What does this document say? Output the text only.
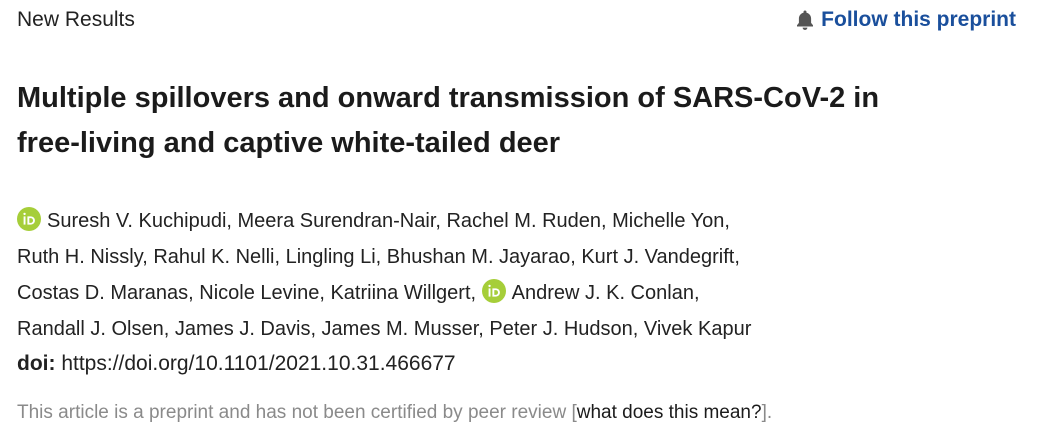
New Results	Follow this preprint
Multiple spillovers and onward transmission of SARS-CoV-2 in
free-living and captive white-tailed deer
Suresh V. Kuchipudi, Meera Surendran-Nair, Rachel M. Ruden, Michelle Yon,
Ruth H. Nissly, Rahul K. Nelli, Lingling Li, Bhushan M. Jayarao, Kurt J. Vandegrift,
Costas D. Maranas, Nicole Levine, Katriina Willgert, Andrew J. K. Conlan,
Randall J. Olsen, James J. Davis, James M. Musser, Peter J. Hudson, Vivek Kapur
doi: https://doi.org/10.1101/2021.10.31.466677
This article is a preprint and has not been certified by peer review [what does this mean?].
